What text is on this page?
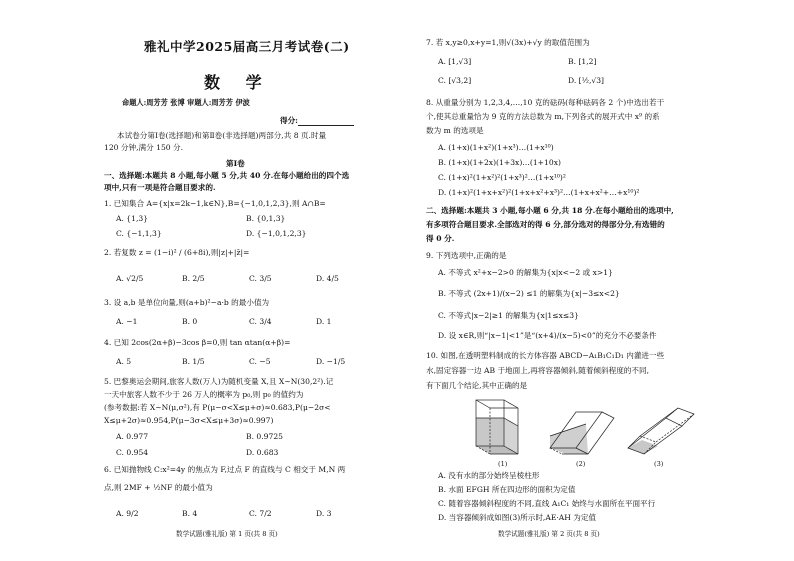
雅礼中学2025届高三月考试卷(二)
数 学
命题人:周芳芳 张博 审题人:周芳芳 伊波
得分:
本试卷分第Ⅰ卷(选择题)和第Ⅱ卷(非选择题)两部分,共 8 页.时量
120 分钟,满分 150 分.
第Ⅰ卷
一、选择题:本题共 8 小题,每小题 5 分,共 40 分.在每小题给出的四个选
项中,只有一项是符合题目要求的.
1. 已知集合 A={x|x=2k−1,k∈N},B={−1,0,1,2,3},则 A∩B=
A. {1,3}	B. {0,1,3}
C. {−1,1,3}	D. {−1,0,1,2,3}
2. 若复数 z = (1−i)² / (6+8i),则|z|+|z̄|=
A. √2/5	B. 2/5	C. 3/5	D. 4/5
3. 设 a,b 是单位向量,则(a+b)²−a·b 的最小值为
A. −1	B. 0	C. 3/4	D. 1
4. 已知 2cos(2α+β)−3cos β=0,则 tan αtan(α+β)=
A. 5	B. 1/5	C. −5	D. −1/5
5. 巴黎奥运会期间,旅客人数(万人)为随机变量 X,且 X~N(30,2²).记
一天中旅客人数不少于 26 万人的概率为 p₀,则 p₀ 的值约为
(参考数据:若 X~N(μ,σ²),有 P(μ−σ<X≤μ+σ)≈0.683,P(μ−2σ<
X≤μ+2σ)≈0.954,P(μ−3σ<X≤μ+3σ)≈0.997)
A. 0.977	B. 0.9725
C. 0.954	D. 0.683
6. 已知抛物线 C:x²=4y 的焦点为 F,过点 F 的直线与 C 相交于 M,N 两
点,则 2MF + ½NF 的最小值为
A. 9/2	B. 4	C. 7/2	D. 3
数学试题(雅礼版) 第 1 页(共 8 页)
7. 若 x,y≥0,x+y=1,则√(3x)+√y 的取值范围为
A. [1,√3]	B. [1,2]
C. [√3,2]	D. [½,√3]
8. 从重量分别为 1,2,3,4,…,10 克的砝码(每种砝码各 2 个)中选出若干
个,使其总重量恰为 9 克的方法总数为 m,下列各式的展开式中 x⁹ 的系
数为 m 的选项是
A. (1+x)(1+x²)(1+x³)…(1+x¹⁰)
B. (1+x)(1+2x)(1+3x)…(1+10x)
C. (1+x)²(1+x²)²(1+x³)²…(1+x¹⁰)²
D. (1+x)²(1+x+x²)²(1+x+x²+x³)²…(1+x+x²+…+x¹⁰)²
二、选择题:本题共 3 小题,每小题 6 分,共 18 分.在每小题给出的选项中,
有多项符合题目要求.全部选对的得 6 分,部分选对的得部分分,有选错的
得 0 分.
9. 下列选项中,正确的是
A. 不等式 x²+x−2>0 的解集为{x|x<−2 或 x>1}
B. 不等式 (2x+1)/(x−2) ≤1 的解集为{x|−3≤x<2}
C. 不等式|x−2|≥1 的解集为{x|1≤x≤3}
D. 设 x∈R,则“|x−1|<1”是“(x+4)/(x−5)<0”的充分不必要条件
10. 如图,在透明塑料制成的长方体容器 ABCD−A₁B₁C₁D₁ 内灌进一些
水,固定容器一边 AB 于地面上,再将容器倾斜,随着倾斜程度的不同,
有下面几个结论,其中正确的是
(1)	(2)	(3)
A. 没有水的部分始终呈棱柱形
B. 水面 EFGH 所在四边形的面积为定值
C. 随着容器倾斜程度的不同,直线 A₁C₁ 始终与水面所在平面平行
D. 当容器倾斜成如图(3)所示时,AE·AH 为定值
数学试题(雅礼版) 第 2 页(共 8 页)
